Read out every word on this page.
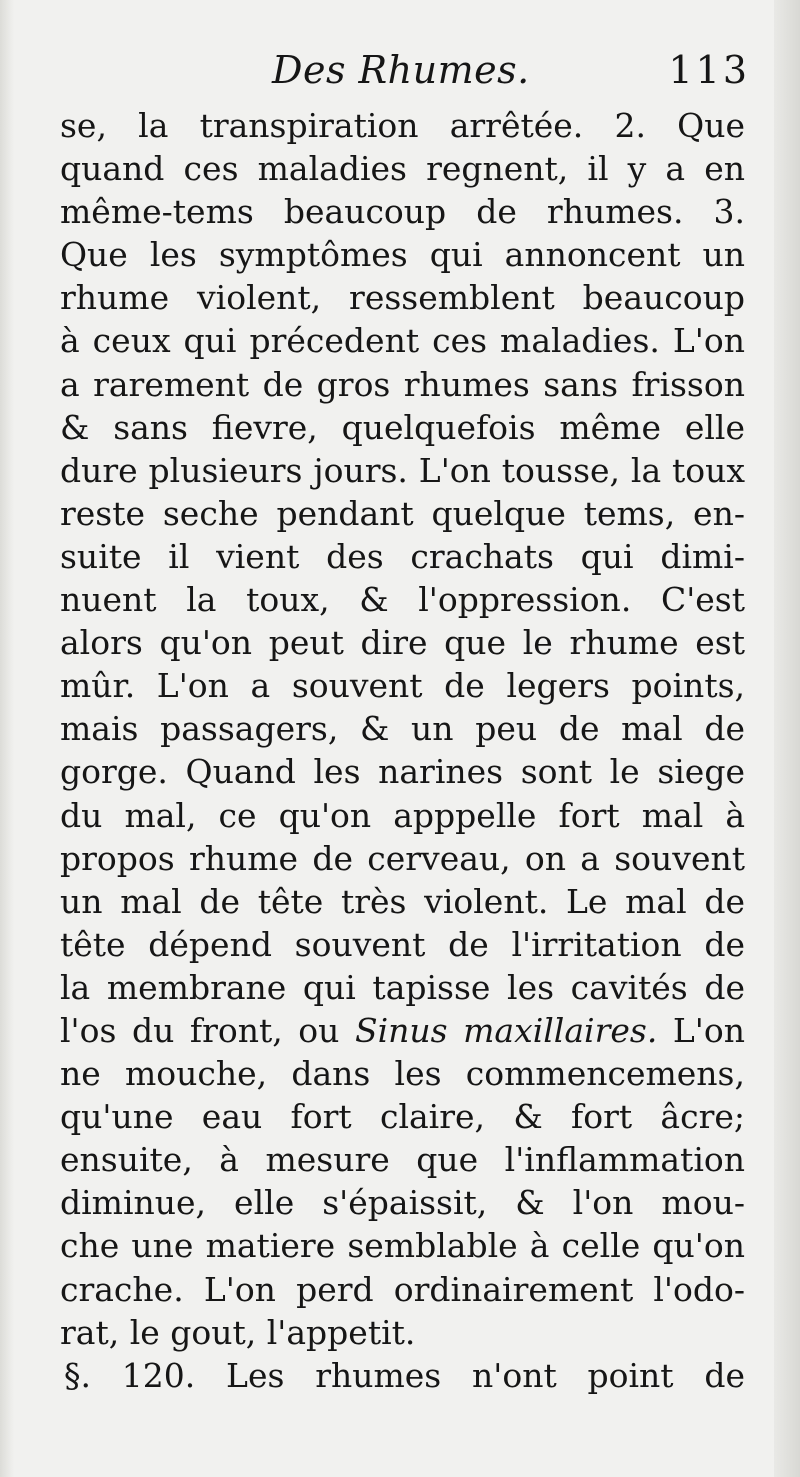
Des Rhumes.	113
se, la transpiration arrêtée. 2. Que
quand ces maladies regnent, il y a en
même-tems beaucoup de rhumes. 3.
Que les symptômes qui annoncent un
rhume violent, ressemblent beaucoup
à ceux qui précedent ces maladies. L'on
a rarement de gros rhumes sans frisson
& sans fievre, quelquefois même elle
dure plusieurs jours. L'on tousse, la toux
reste seche pendant quelque tems, en-
suite il vient des crachats qui dimi-
nuent la toux, & l'oppression. C'est
alors qu'on peut dire que le rhume est
mûr. L'on a souvent de legers points,
mais passagers, & un peu de mal de
gorge. Quand les narines sont le siege
du mal, ce qu'on apppelle fort mal à
propos rhume de cerveau, on a souvent
un mal de tête très violent. Le mal de
tête dépend souvent de l'irritation de
la membrane qui tapisse les cavités de
l'os du front, ou Sinus maxillaires. L'on
ne mouche, dans les commencemens,
qu'une eau fort claire, & fort âcre;
ensuite, à mesure que l'inflammation
diminue, elle s'épaissit, & l'on mou-
che une matiere semblable à celle qu'on
crache. L'on perd ordinairement l'odo-
rat, le gout, l'appetit.
§. 120. Les rhumes n'ont point de
